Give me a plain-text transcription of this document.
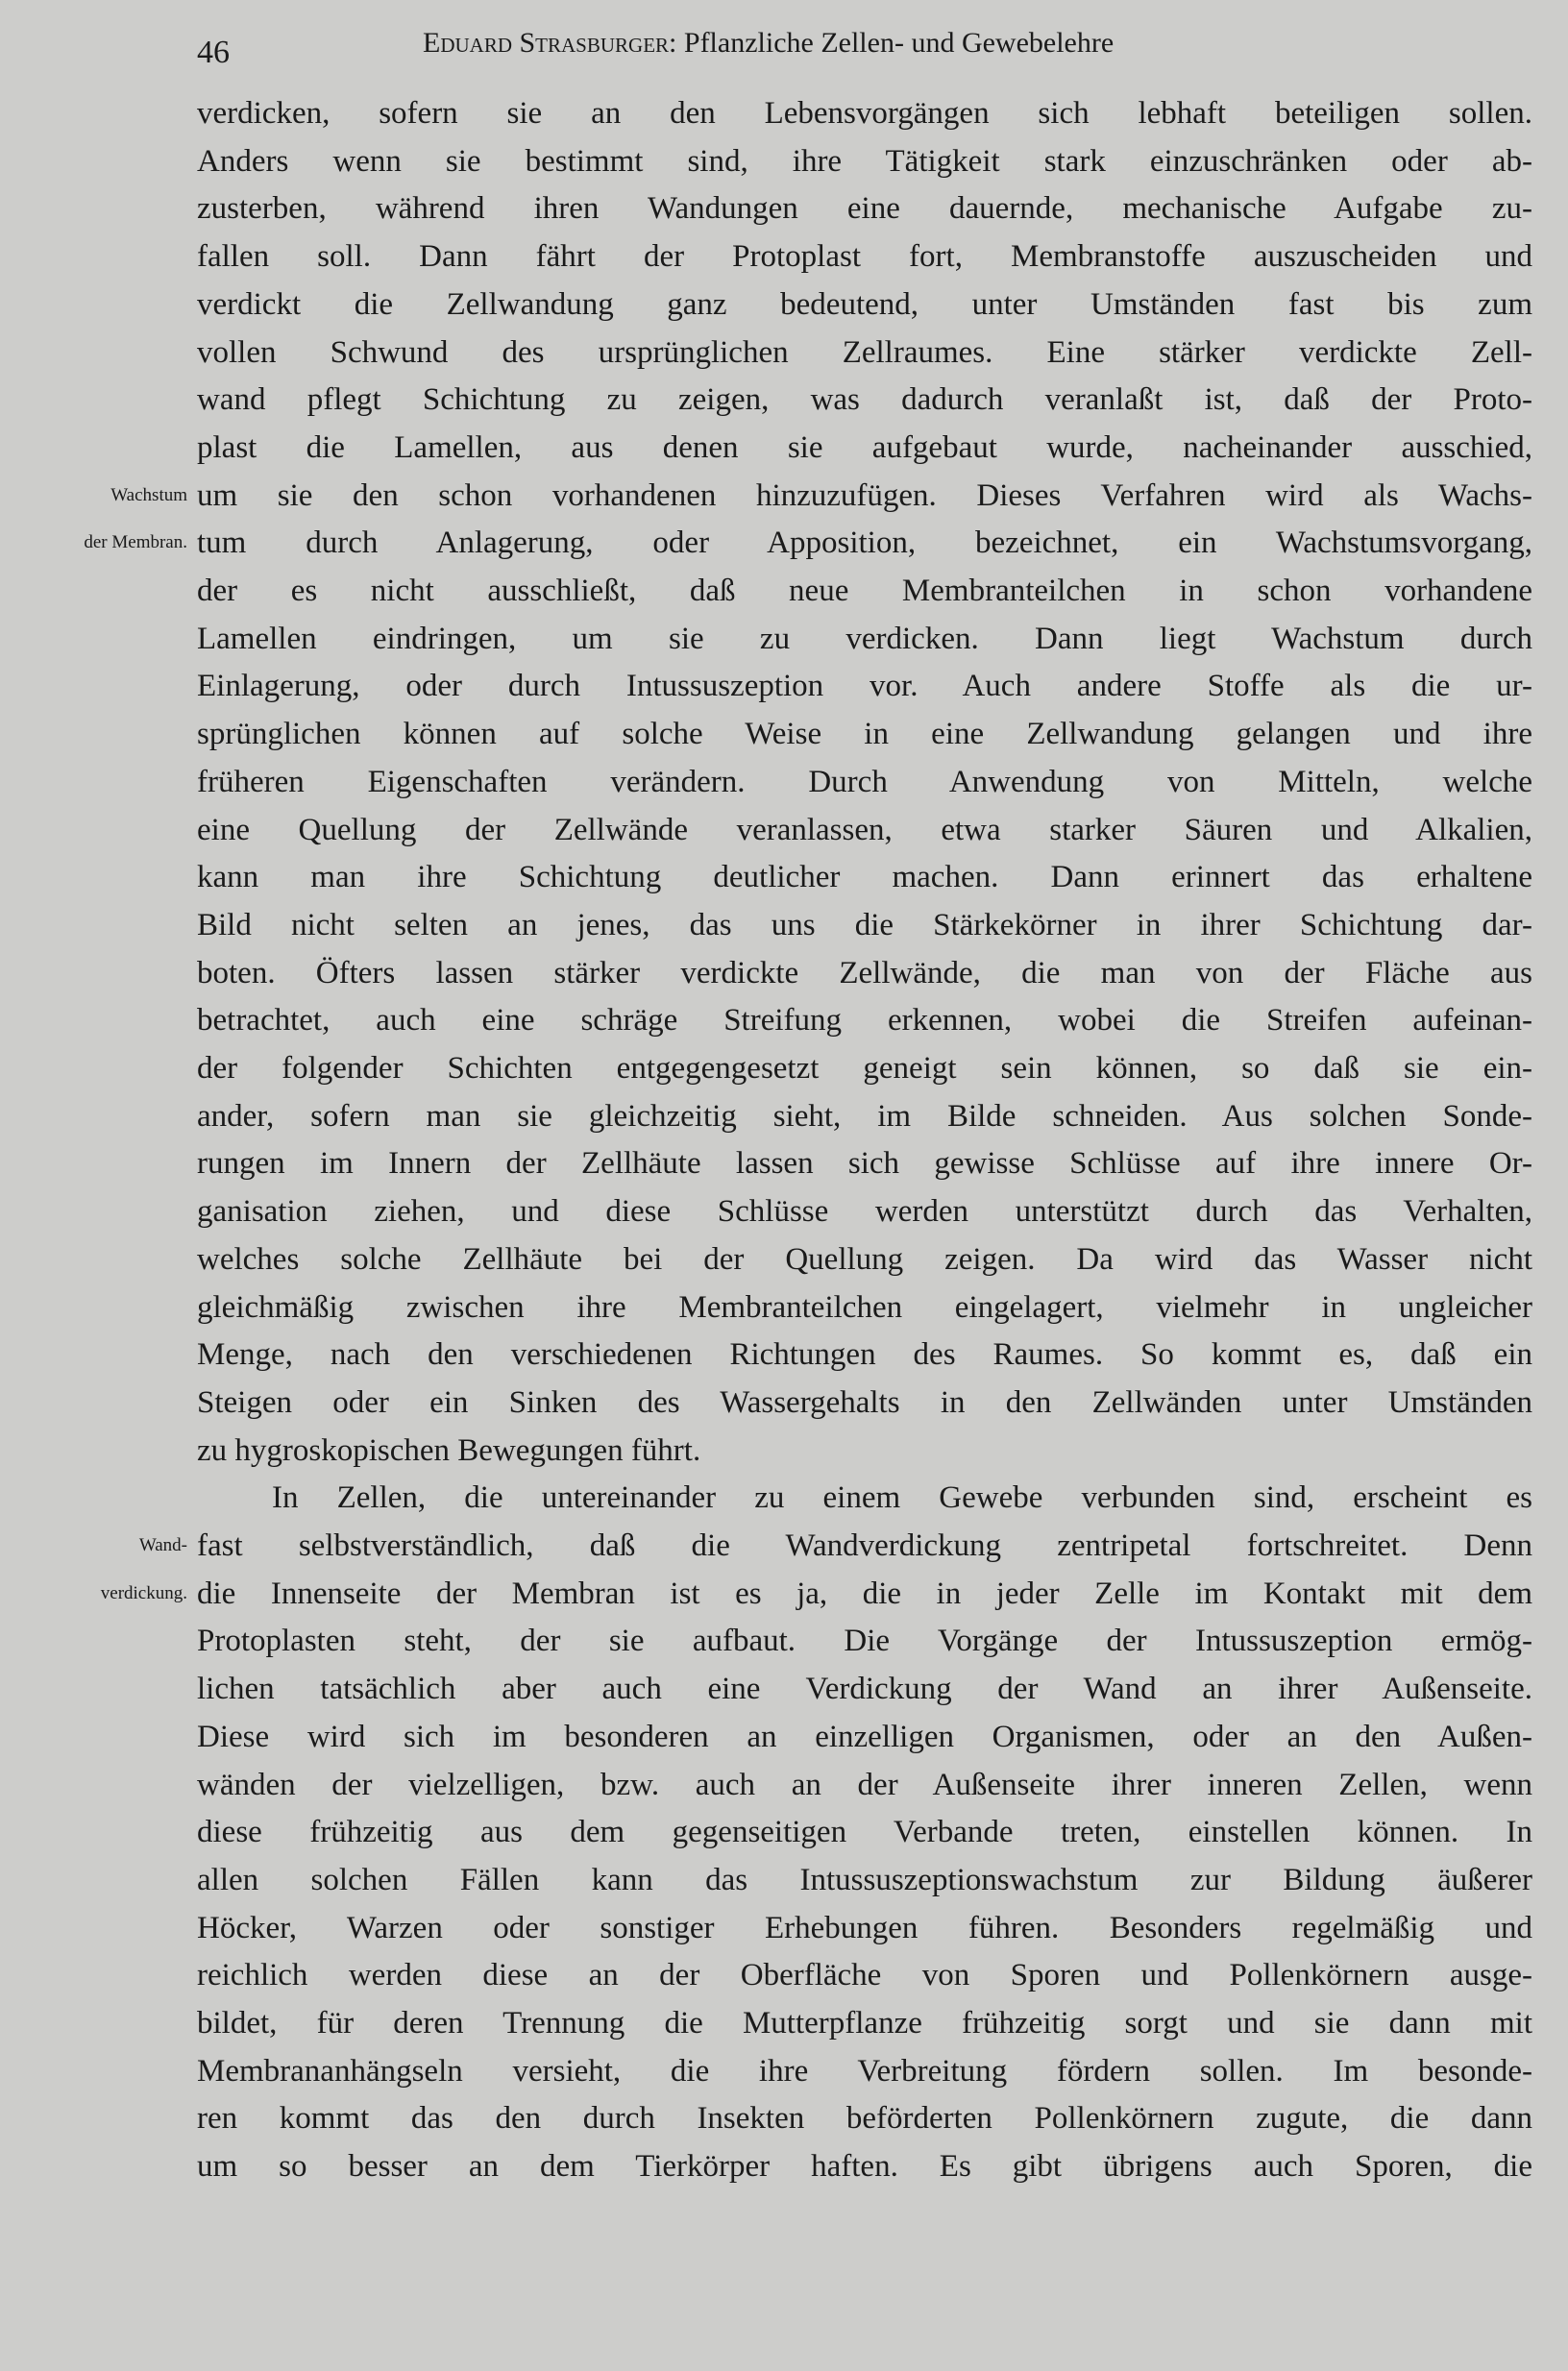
46	Eduard Strasburger: Pflanzliche Zellen- und Gewebelehre
verdicken, sofern sie an den Lebensvorgängen sich lebhaft beteiligen sollen.
Anders wenn sie bestimmt sind, ihre Tätigkeit stark einzuschränken oder ab-
zusterben, während ihren Wandungen eine dauernde, mechanische Aufgabe zu-
fallen soll. Dann fährt der Protoplast fort, Membranstoffe auszuscheiden und
verdickt die Zellwandung ganz bedeutend, unter Umständen fast bis zum
vollen Schwund des ursprünglichen Zellraumes. Eine stärker verdickte Zell-
wand pflegt Schichtung zu zeigen, was dadurch veranlaßt ist, daß der Proto-
plast die Lamellen, aus denen sie aufgebaut wurde, nacheinander ausschied,
um sie den schon vorhandenen hinzuzufügen. Dieses Verfahren wird als Wachs-
tum durch Anlagerung, oder Apposition, bezeichnet, ein Wachstumsvorgang,
der es nicht ausschließt, daß neue Membranteilchen in schon vorhandene
Lamellen eindringen, um sie zu verdicken. Dann liegt Wachstum durch
Einlagerung, oder durch Intussuszeption vor. Auch andere Stoffe als die ur-
sprünglichen können auf solche Weise in eine Zellwandung gelangen und ihre
früheren Eigenschaften verändern. Durch Anwendung von Mitteln, welche
eine Quellung der Zellwände veranlassen, etwa starker Säuren und Alkalien,
kann man ihre Schichtung deutlicher machen. Dann erinnert das erhaltene
Bild nicht selten an jenes, das uns die Stärkekörner in ihrer Schichtung dar-
boten. Öfters lassen stärker verdickte Zellwände, die man von der Fläche aus
betrachtet, auch eine schräge Streifung erkennen, wobei die Streifen aufeinan-
der folgender Schichten entgegengesetzt geneigt sein können, so daß sie ein-
ander, sofern man sie gleichzeitig sieht, im Bilde schneiden. Aus solchen Sonde-
rungen im Innern der Zellhäute lassen sich gewisse Schlüsse auf ihre innere Or-
ganisation ziehen, und diese Schlüsse werden unterstützt durch das Verhalten,
welches solche Zellhäute bei der Quellung zeigen. Da wird das Wasser nicht
gleichmäßig zwischen ihre Membranteilchen eingelagert, vielmehr in ungleicher
Menge, nach den verschiedenen Richtungen des Raumes. So kommt es, daß ein
Steigen oder ein Sinken des Wassergehalts in den Zellwänden unter Umständen
zu hygroskopischen Bewegungen führt.
In Zellen, die untereinander zu einem Gewebe verbunden sind, erscheint es
fast selbstverständlich, daß die Wandverdickung zentripetal fortschreitet. Denn
die Innenseite der Membran ist es ja, die in jeder Zelle im Kontakt mit dem
Protoplasten steht, der sie aufbaut. Die Vorgänge der Intussuszeption ermög-
lichen tatsächlich aber auch eine Verdickung der Wand an ihrer Außenseite.
Diese wird sich im besonderen an einzelligen Organismen, oder an den Außen-
wänden der vielzelligen, bzw. auch an der Außenseite ihrer inneren Zellen, wenn
diese frühzeitig aus dem gegenseitigen Verbande treten, einstellen können. In
allen solchen Fällen kann das Intussuszeptionswachstum zur Bildung äußerer
Höcker, Warzen oder sonstiger Erhebungen führen. Besonders regelmäßig und
reichlich werden diese an der Oberfläche von Sporen und Pollenkörnern ausge-
bildet, für deren Trennung die Mutterpflanze frühzeitig sorgt und sie dann mit
Membrananhängseln versieht, die ihre Verbreitung fördern sollen. Im besonde-
ren kommt das den durch Insekten beförderten Pollenkörnern zugute, die dann
um so besser an dem Tierkörper haften. Es gibt übrigens auch Sporen, die
Wachstum
der Membran.
Wand-
verdickung.
